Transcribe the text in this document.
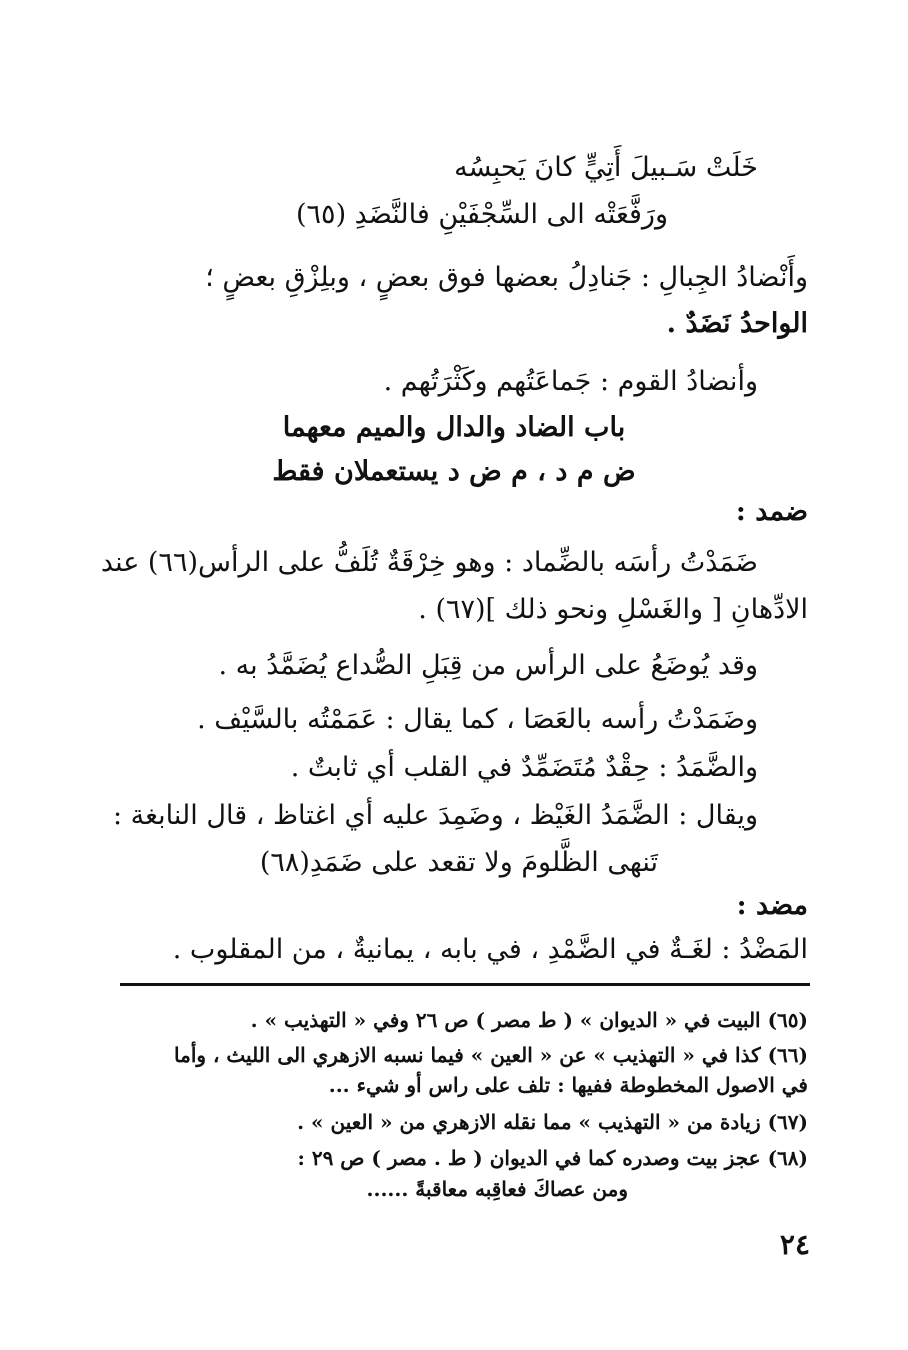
خَلَتْ سَـبيلَ أَتِيٍّ كانَ يَحبِسُه
ورَفَّعَتْه الى السِّجْفَيْنِ فالنَّضَدِ (٦٥)
وأَنْضادُ الجِبالِ : جَنادِلُ بعضها فوق بعضٍ ، وبلِزْقِ بعضٍ ؛
الواحدُ نَضَدٌ .
وأنضادُ القوم : جَماعَتُهم وكَثْرَتُهم .
باب الضاد والدال والميم معهما
ض م د ، م ض د يستعملان فقط
ضمد :
ضَمَدْتُ رأسَه بالضِّماد : وهو خِرْقَةٌ تُلَفُّ على الرأس(٦٦) عند
الادِّهانِ [ والغَسْلِ ونحو ذلك ](٦٧) .
وقد يُوضَعُ على الرأس من قِبَلِ الصُّداع يُضَمَّدُ به .
وضَمَدْتُ رأسه بالعَصَا ، كما يقال : عَمَمْتُه بالسَّيْف .
والضَّمَدُ : حِقْدٌ مُتَضَمِّدٌ في القلب أي ثابتٌ .
ويقال : الضَّمَدُ الغَيْظ ، وضَمِدَ عليه أي اغتاظ ، قال النابغة :
تَنهى الظَّلومَ ولا تقعد على ضَمَدِ(٦٨)
مضد :
المَضْدُ : لغَـةٌ في الضَّمْدِ ، في بابه ، يمانيةٌ ، من المقلوب .
(٦٥) البيت في « الديوان » ( ط مصر ) ص ٢٦ وفي « التهذيب » .
(٦٦) كذا في « التهذيب » عن « العين » فيما نسبه الازهري الى الليث ، وأما
في الاصول المخطوطة ففيها : تلف على راس أو شيء ...
(٦٧) زيادة من « التهذيب » مما نقله الازهري من « العين » .
(٦٨) عجز بيت وصدره كما في الديوان ( ط . مصر ) ص ٢٩ :
ومن عصاكَ فعاقِبه معاقبةً ......
٢٤
